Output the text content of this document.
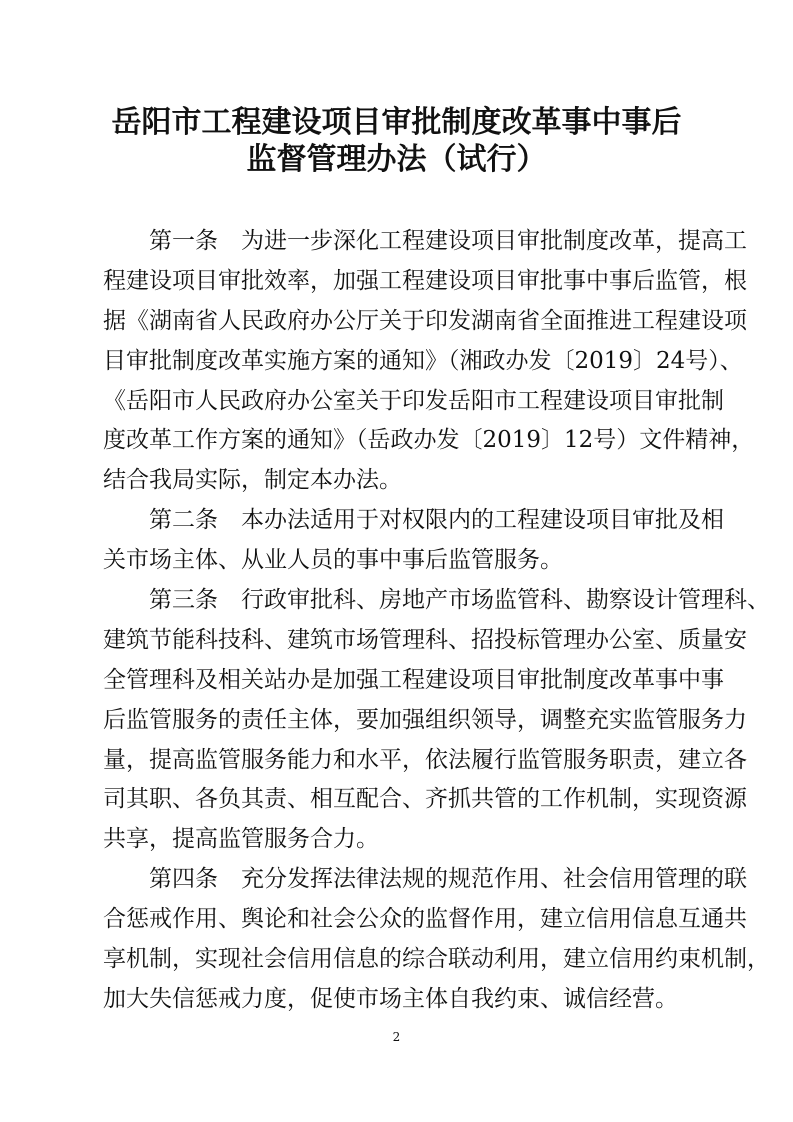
岳阳市工程建设项目审批制度改革事中事后
监督管理办法（试行）
第一条　为进一步深化工程建设项目审批制度改革，提高工
程建设项目审批效率，加强工程建设项目审批事中事后监管，根
据《湖南省人民政府办公厅关于印发湖南省全面推进工程建设项
目审批制度改革实施方案的通知》（湘政办发〔2019〕24号）、
《岳阳市人民政府办公室关于印发岳阳市工程建设项目审批制
度改革工作方案的通知》（岳政办发〔2019〕12号）文件精神，
结合我局实际，制定本办法。
第二条　本办法适用于对权限内的工程建设项目审批及相
关市场主体、从业人员的事中事后监管服务。
第三条　行政审批科、房地产市场监管科、勘察设计管理科、
建筑节能科技科、建筑市场管理科、招投标管理办公室、质量安
全管理科及相关站办是加强工程建设项目审批制度改革事中事
后监管服务的责任主体，要加强组织领导，调整充实监管服务力
量，提高监管服务能力和水平，依法履行监管服务职责，建立各
司其职、各负其责、相互配合、齐抓共管的工作机制，实现资源
共享，提高监管服务合力。
第四条　充分发挥法律法规的规范作用、社会信用管理的联
合惩戒作用、舆论和社会公众的监督作用，建立信用信息互通共
享机制，实现社会信用信息的综合联动利用，建立信用约束机制，
加大失信惩戒力度，促使市场主体自我约束、诚信经营。
2
